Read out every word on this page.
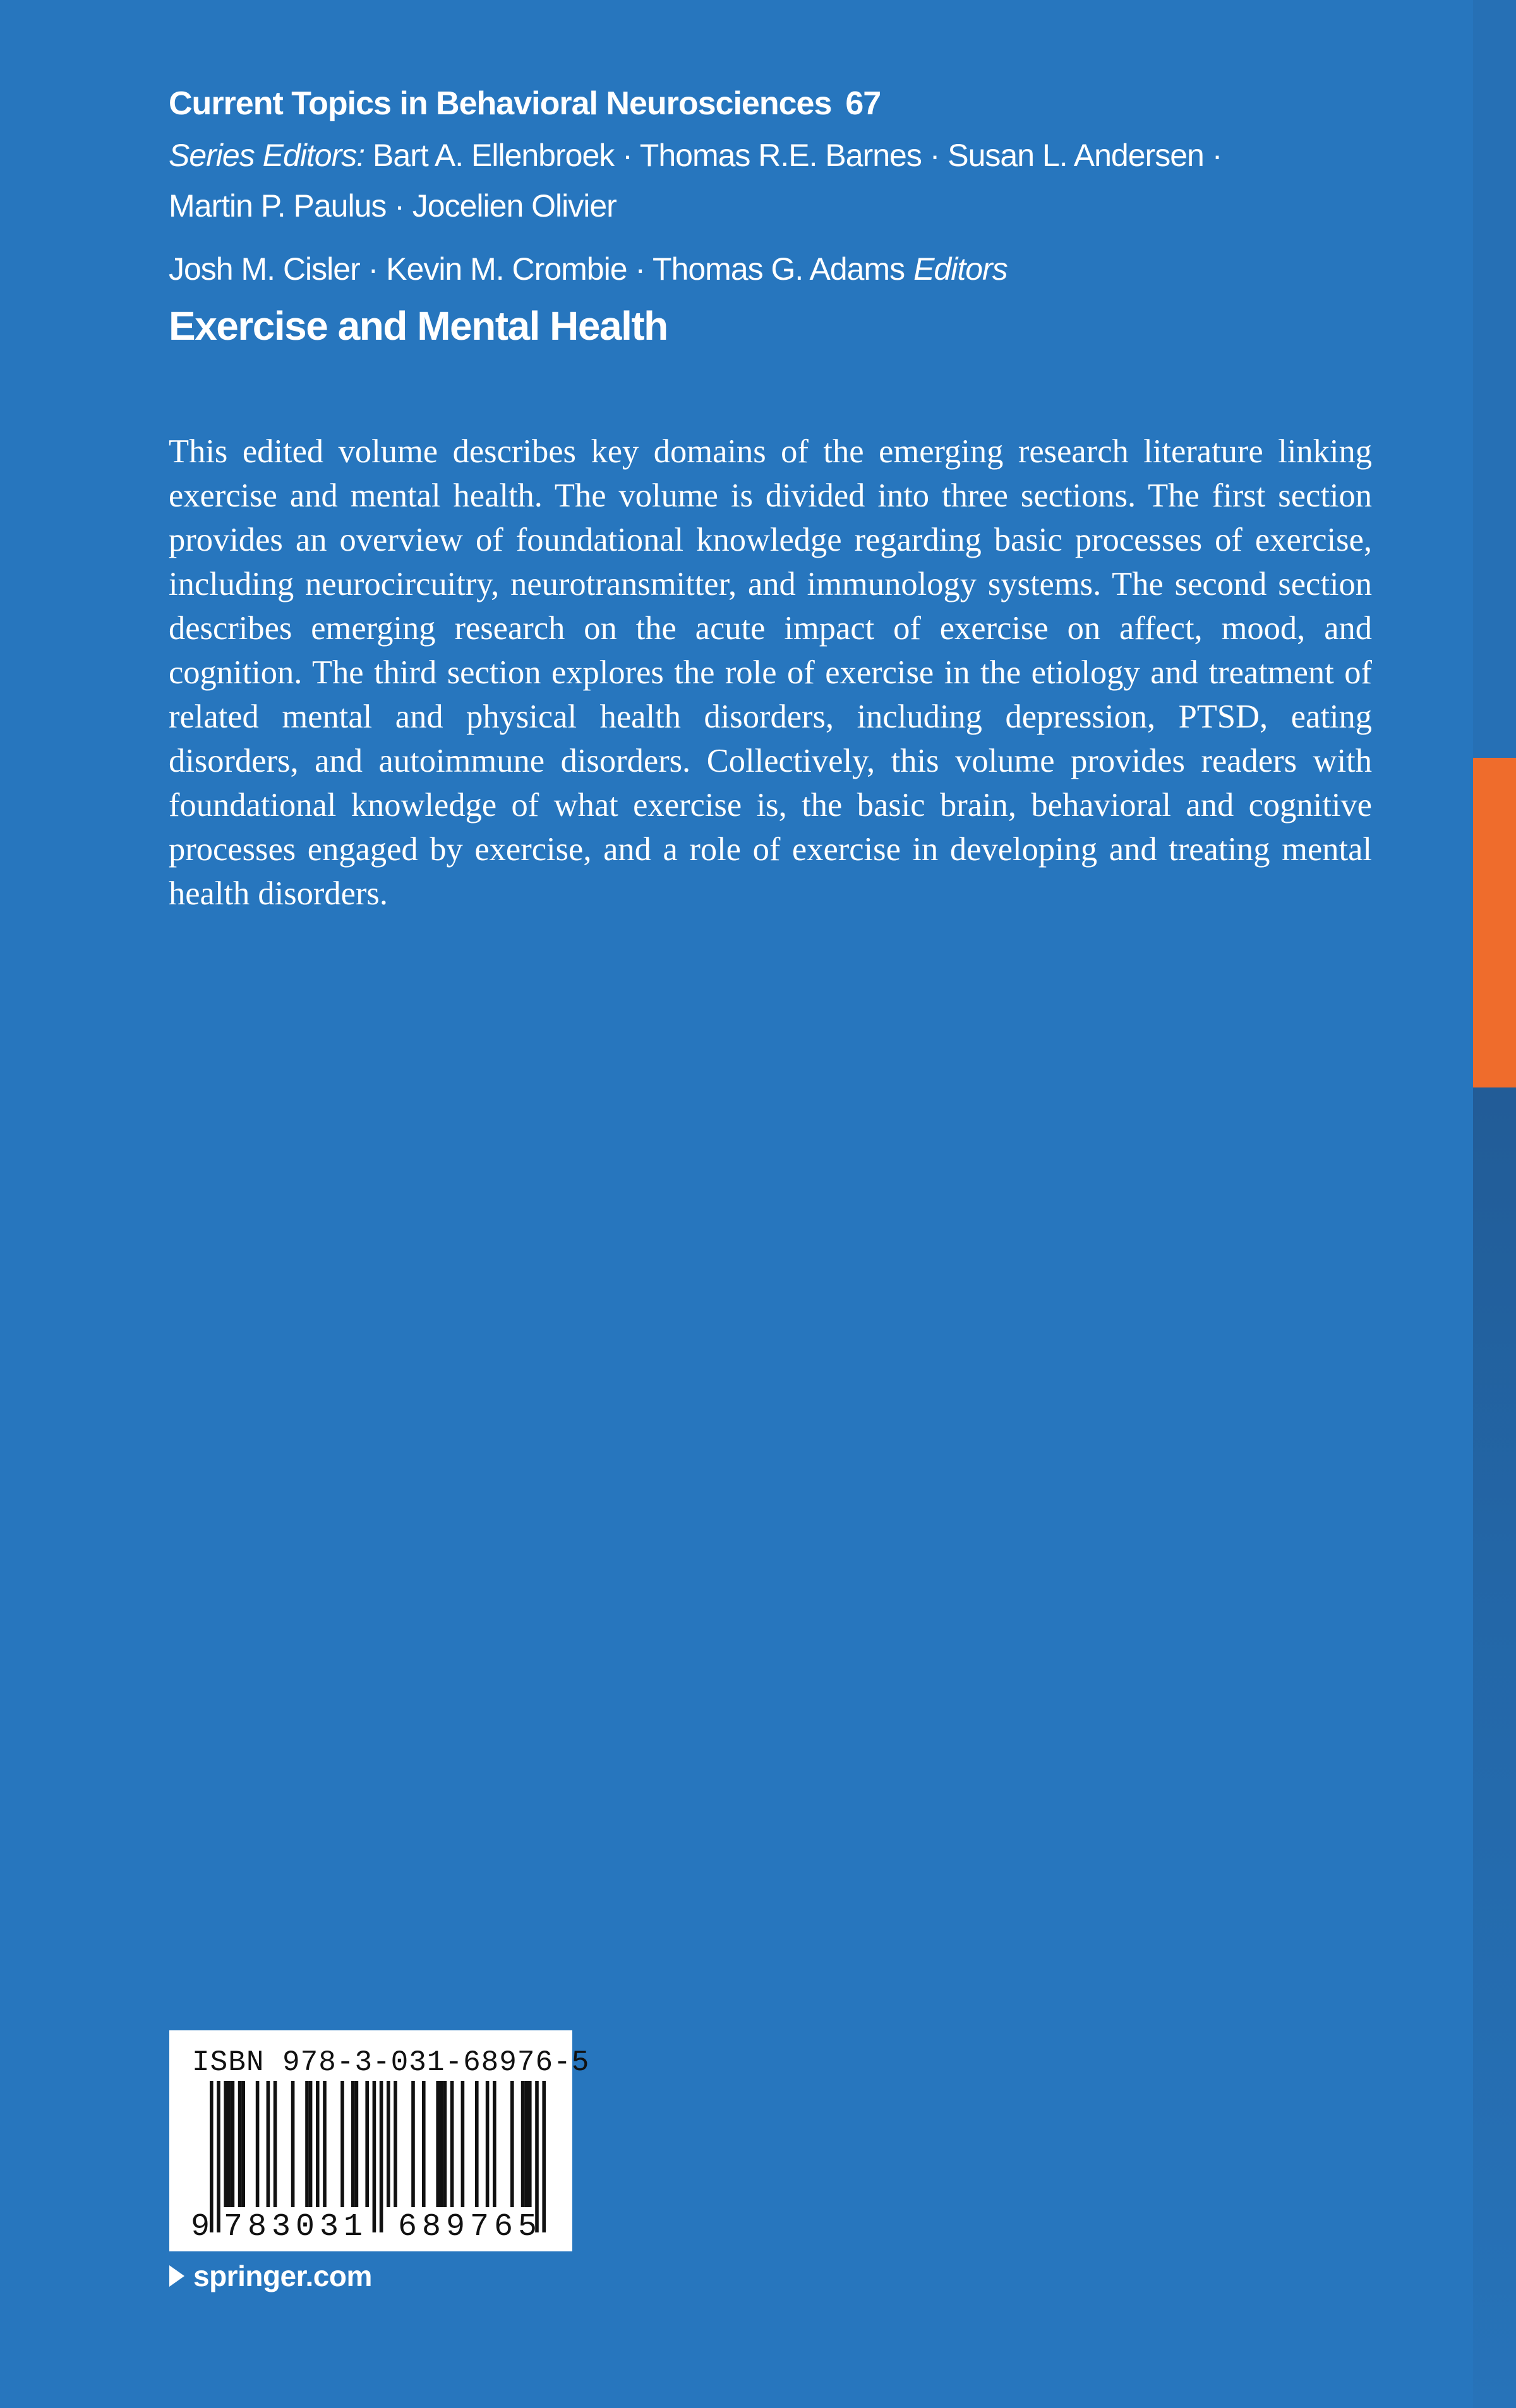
Current Topics in Behavioral Neurosciences 67
Series Editors: Bart A. Ellenbroek · Thomas R.E. Barnes · Susan L. Andersen ·
Martin P. Paulus · Jocelien Olivier
Josh M. Cisler · Kevin M. Crombie · Thomas G. Adams Editors
Exercise and Mental Health
This edited volume describes key domains of the emerging research literature linking exercise and mental health. The volume is divided into three sections. The first section provides an overview of foundational knowledge regarding basic processes of exercise, including neurocircuitry, neurotransmitter, and immunology systems. The second section describes emerging research on the acute impact of exercise on affect, mood, and cognition. The third section explores the role of exercise in the etiology and treatment of related mental and physical health disorders, including depression, PTSD, eating disorders, and autoimmune disorders. Collectively, this volume provides readers with foundational knowledge of what exercise is, the basic brain, behavioral and cognitive processes engaged by exercise, and a role of exercise in developing and treating mental health disorders.
ISBN 978-3-031-68976-5
9 783031 689765
springer.com
